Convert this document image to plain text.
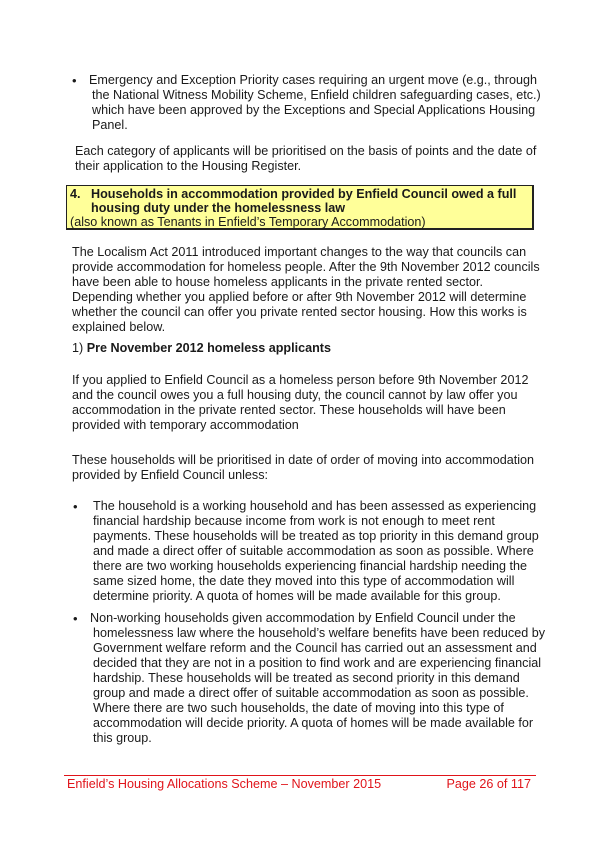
• Emergency and Exception Priority cases requiring an urgent move (e.g., through
the National Witness Mobility Scheme, Enfield children safeguarding cases, etc.)
which have been approved by the Exceptions and Special Applications Housing
Panel.

Each category of applicants will be prioritised on the basis of points and the date of
their application to the Housing Register.

4. Households in accommodation provided by Enfield Council owed a full
housing duty under the homelessness law
(also known as Tenants in Enfield’s Temporary Accommodation)

The Localism Act 2011 introduced important changes to the way that councils can
provide accommodation for homeless people. After the 9th November 2012 councils
have been able to house homeless applicants in the private rented sector.
Depending whether you applied before or after 9th November 2012 will determine
whether the council can offer you private rented sector housing. How this works is
explained below.

1) Pre November 2012 homeless applicants

If you applied to Enfield Council as a homeless person before 9th November 2012
and the council owes you a full housing duty, the council cannot by law offer you
accommodation in the private rented sector. These households will have been
provided with temporary accommodation

These households will be prioritised in date of order of moving into accommodation
provided by Enfield Council unless:

• The household is a working household and has been assessed as experiencing
financial hardship because income from work is not enough to meet rent
payments. These households will be treated as top priority in this demand group
and made a direct offer of suitable accommodation as soon as possible. Where
there are two working households experiencing financial hardship needing the
same sized home, the date they moved into this type of accommodation will
determine priority. A quota of homes will be made available for this group.
• Non-working households given accommodation by Enfield Council under the
homelessness law where the household’s welfare benefits have been reduced by
Government welfare reform and the Council has carried out an assessment and
decided that they are not in a position to find work and are experiencing financial
hardship. These households will be treated as second priority in this demand
group and made a direct offer of suitable accommodation as soon as possible.
Where there are two such households, the date of moving into this type of
accommodation will decide priority. A quota of homes will be made available for
this group.
Enfield’s Housing Allocations Scheme – November 2015	Page 26 of 117
